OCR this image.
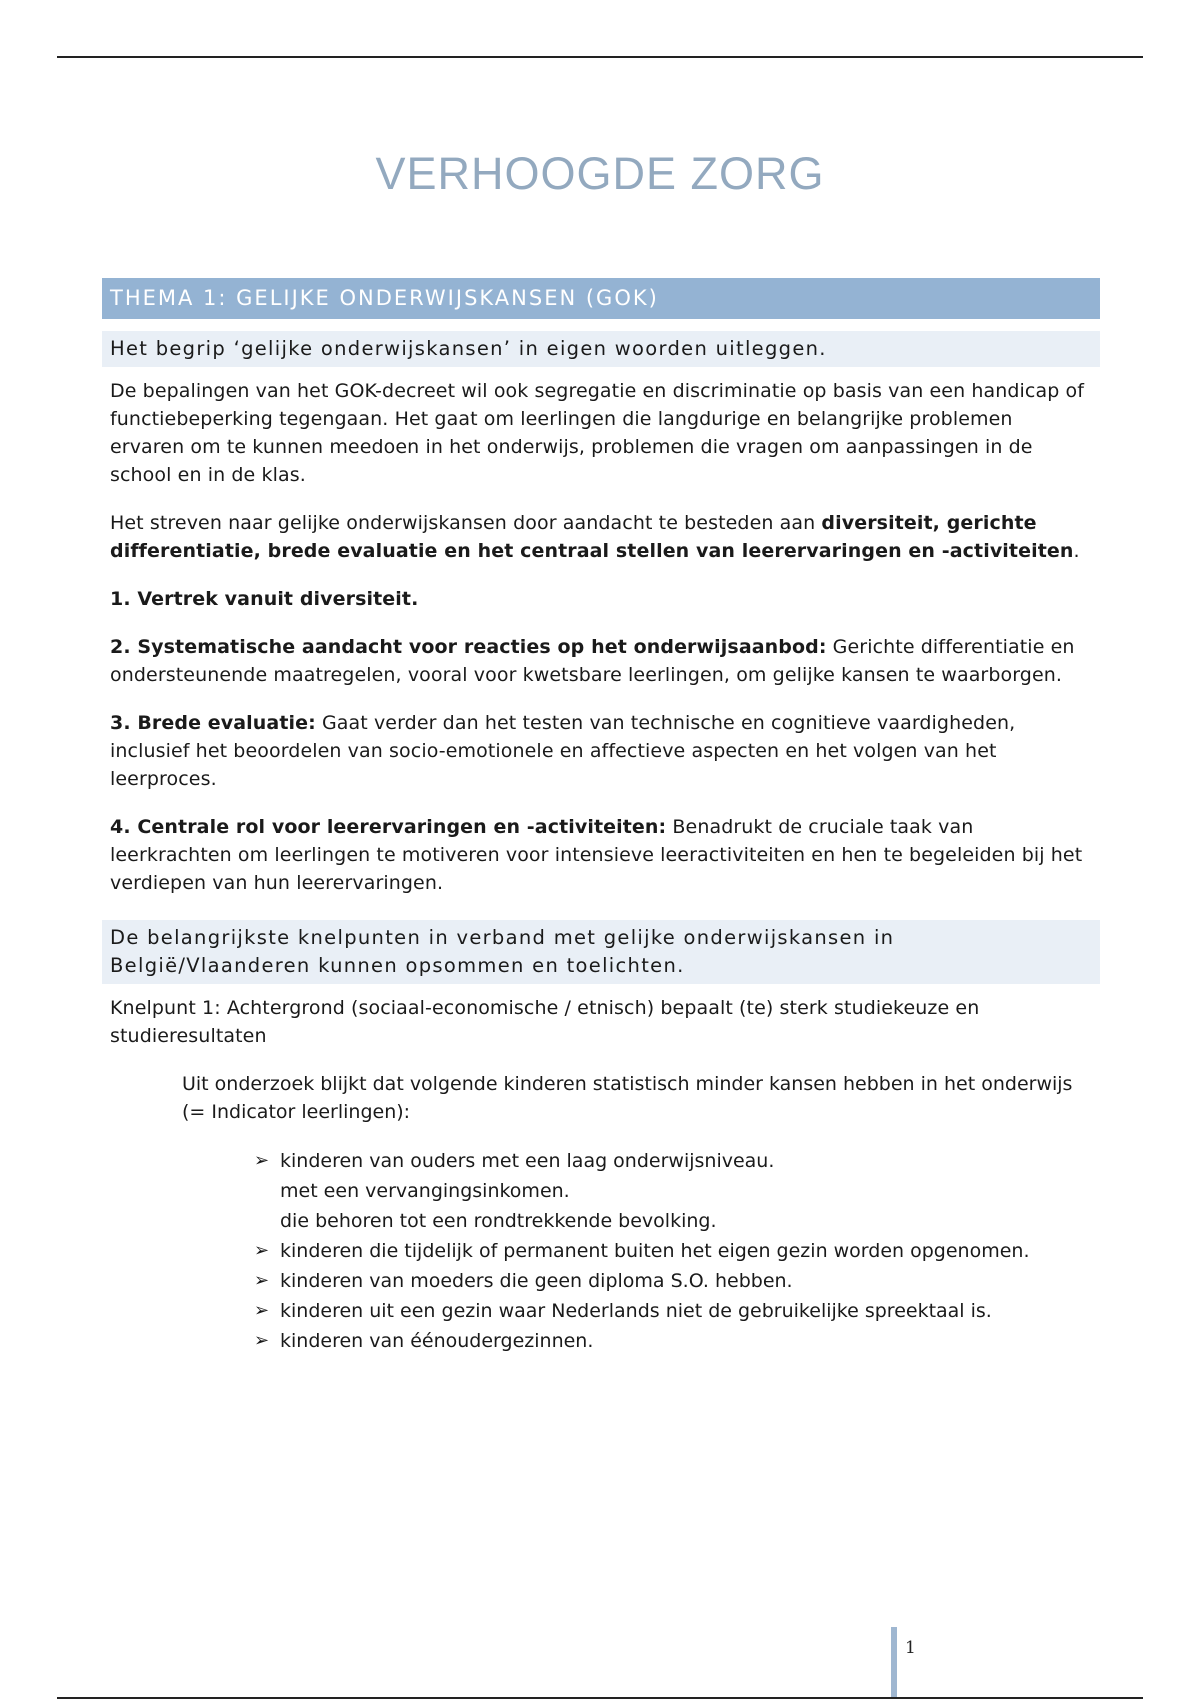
VERHOOGDE ZORG
THEMA 1: GELIJKE ONDERWIJSKANSEN (GOK)
Het begrip ‘gelijke onderwijskansen’ in eigen woorden uitleggen.

De bepalingen van het GOK-decreet wil ook segregatie en discriminatie op basis van een handicap of functiebeperking tegengaan. Het gaat om leerlingen die langdurige en belangrijke problemen ervaren om te kunnen meedoen in het onderwijs, problemen die vragen om aanpassingen in de school en in de klas.

Het streven naar gelijke onderwijskansen door aandacht te besteden aan diversiteit, gerichte differentiatie, brede evaluatie en het centraal stellen van leerervaringen en -activiteiten.

1. Vertrek vanuit diversiteit.

2. Systematische aandacht voor reacties op het onderwijsaanbod: Gerichte differentiatie en ondersteunende maatregelen, vooral voor kwetsbare leerlingen, om gelijke kansen te waarborgen.

3. Brede evaluatie: Gaat verder dan het testen van technische en cognitieve vaardigheden, inclusief het beoordelen van socio-emotionele en affectieve aspecten en het volgen van het leerproces.

4. Centrale rol voor leerervaringen en -activiteiten: Benadrukt de cruciale taak van leerkrachten om leerlingen te motiveren voor intensieve leeractiviteiten en hen te begeleiden bij het verdiepen van hun leerervaringen.

De belangrijkste knelpunten in verband met gelijke onderwijskansen in België/Vlaanderen kunnen opsommen en toelichten.

Knelpunt 1: Achtergrond (sociaal-economische / etnisch) bepaalt (te) sterk studiekeuze en studieresultaten

Uit onderzoek blijkt dat volgende kinderen statistisch minder kansen hebben in het onderwijs (= Indicator leerlingen):

➢ kinderen van ouders met een laag onderwijsniveau.
met een vervangingsinkomen.
die behoren tot een rondtrekkende bevolking.
➢ kinderen die tijdelijk of permanent buiten het eigen gezin worden opgenomen.
➢ kinderen van moeders die geen diploma S.O. hebben.
➢ kinderen uit een gezin waar Nederlands niet de gebruikelijke spreektaal is.
➢ kinderen van éénoudergezinnen.
1
